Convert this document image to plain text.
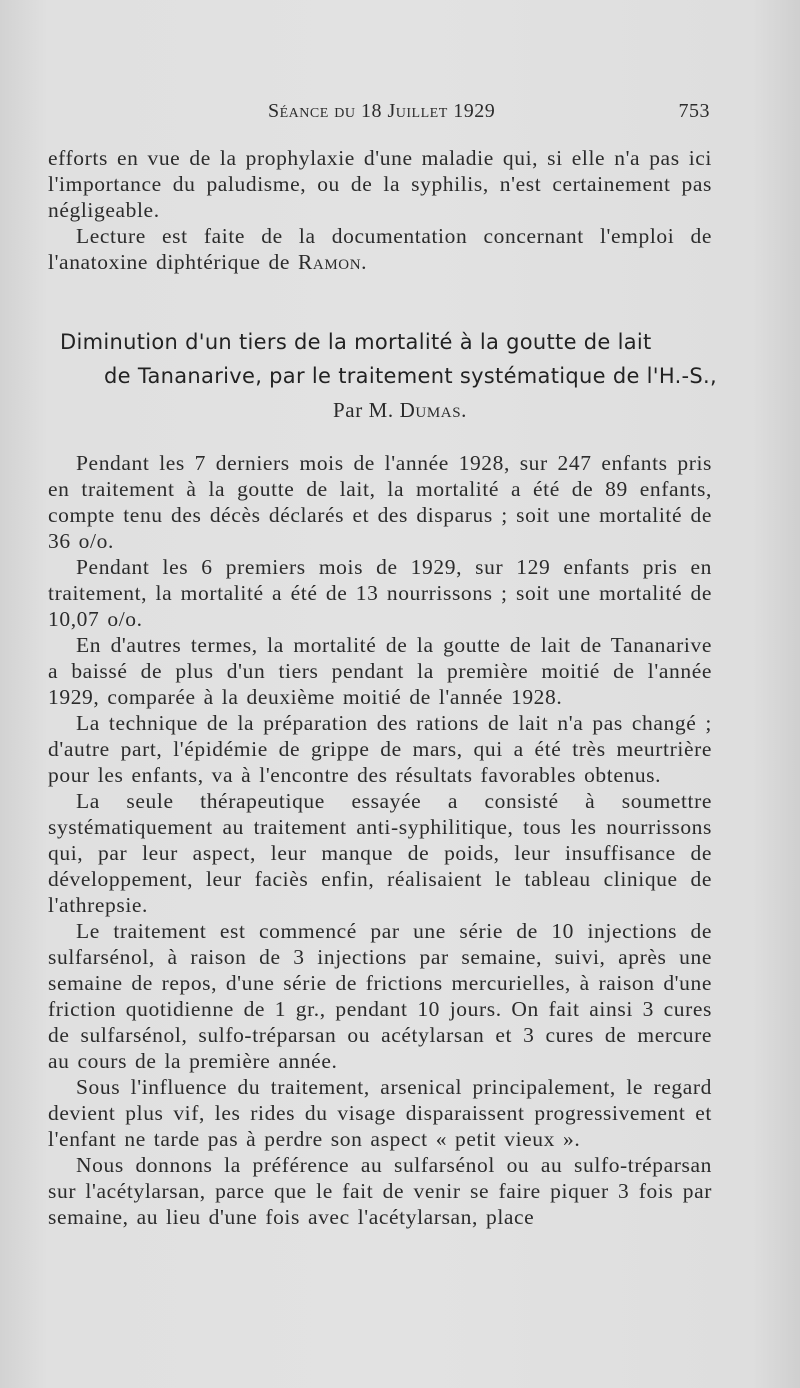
Séance du 18 Juillet 1929	753

efforts en vue de la prophylaxie d'une maladie qui, si elle n'a pas ici l'importance du paludisme, ou de la syphilis, n'est certainement pas négligeable.

Lecture est faite de la documentation concernant l'emploi de l'anatoxine diphtérique de Ramon.

Diminution d'un tiers de la mortalité à la goutte de lait
de Tananarive, par le traitement systématique de l'H.-S.,
Par M. Dumas.

Pendant les 7 derniers mois de l'année 1928, sur 247 enfants pris en traitement à la goutte de lait, la mortalité a été de 89 enfants, compte tenu des décès déclarés et des disparus ; soit une mortalité de 36 o/o.

Pendant les 6 premiers mois de 1929, sur 129 enfants pris en traitement, la mortalité a été de 13 nourrissons ; soit une mortalité de 10,07 o/o.

En d'autres termes, la mortalité de la goutte de lait de Tananarive a baissé de plus d'un tiers pendant la première moitié de l'année 1929, comparée à la deuxième moitié de l'année 1928.

La technique de la préparation des rations de lait n'a pas changé ; d'autre part, l'épidémie de grippe de mars, qui a été très meurtrière pour les enfants, va à l'encontre des résultats favorables obtenus.

La seule thérapeutique essayée a consisté à soumettre systématiquement au traitement anti-syphilitique, tous les nourrissons qui, par leur aspect, leur manque de poids, leur insuffisance de développement, leur faciès enfin, réalisaient le tableau clinique de l'athrepsie.

Le traitement est commencé par une série de 10 injections de sulfarsénol, à raison de 3 injections par semaine, suivi, après une semaine de repos, d'une série de frictions mercurielles, à raison d'une friction quotidienne de 1 gr., pendant 10 jours. On fait ainsi 3 cures de sulfarsénol, sulfo-tréparsan ou acétylarsan et 3 cures de mercure au cours de la première année.

Sous l'influence du traitement, arsenical principalement, le regard devient plus vif, les rides du visage disparaissent progressivement et l'enfant ne tarde pas à perdre son aspect « petit vieux ».

Nous donnons la préférence au sulfarsénol ou au sulfo-tréparsan sur l'acétylarsan, parce que le fait de venir se faire piquer 3 fois par semaine, au lieu d'une fois avec l'acétylarsan, place
